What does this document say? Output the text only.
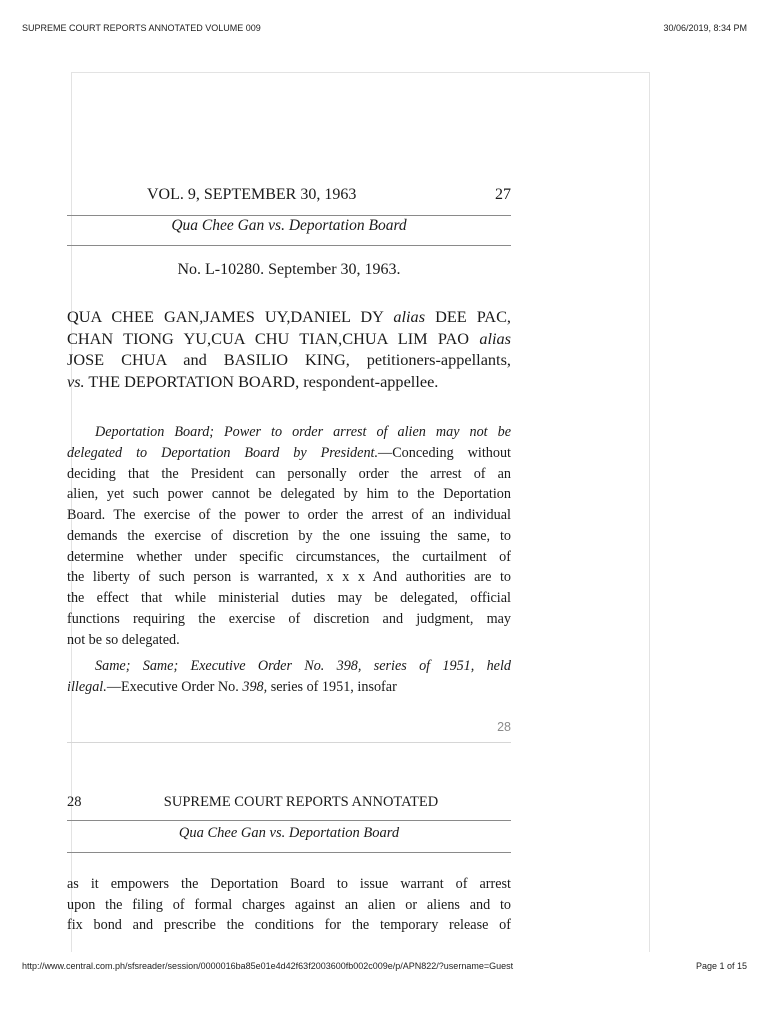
SUPREME COURT REPORTS ANNOTATED VOLUME 009	30/06/2019, 8:34 PM
VOL. 9, SEPTEMBER 30, 1963	27
Qua Chee Gan vs. Deportation Board
No. L-10280. September 30, 1963.

QUA CHEE GAN,JAMES UY,DANIEL DY alias DEE PAC,

CHAN TIONG YU,CUA CHU TIAN,CHUA LIM PAO alias

JOSE CHUA and BASILIO KING, petitioners-appellants,

vs. THE DEPORTATION BOARD, respondent-appellee.

Deportation Board; Power to order arrest of alien may not be

delegated to Deportation Board by President.—Conceding without

deciding that the President can personally order the arrest of an

alien, yet such power cannot be delegated by him to the Deportation

Board. The exercise of the power to order the arrest of an individual

demands the exercise of discretion by the one issuing the same, to

determine whether under specific circumstances, the curtailment of

the liberty of such person is warranted, x x x And authorities are to

the effect that while ministerial duties may be delegated, official

functions requiring the exercise of discretion and judgment, may

not be so delegated.

Same; Same; Executive Order No. 398, series of 1951, held

illegal.—Executive Order No. 398, series of 1951, insofar

28
28	SUPREME COURT REPORTS ANNOTATED
Qua Chee Gan vs. Deportation Board

as it empowers the Deportation Board to issue warrant of arrest

upon the filing of formal charges against an alien or aliens and to

fix bond and prescribe the conditions for the temporary release of

http://www.central.com.ph/sfsreader/session/0000016ba85e01e4d42f63f2003600fb002c009e/p/APN822/?username=Guest	Page 1 of 15
